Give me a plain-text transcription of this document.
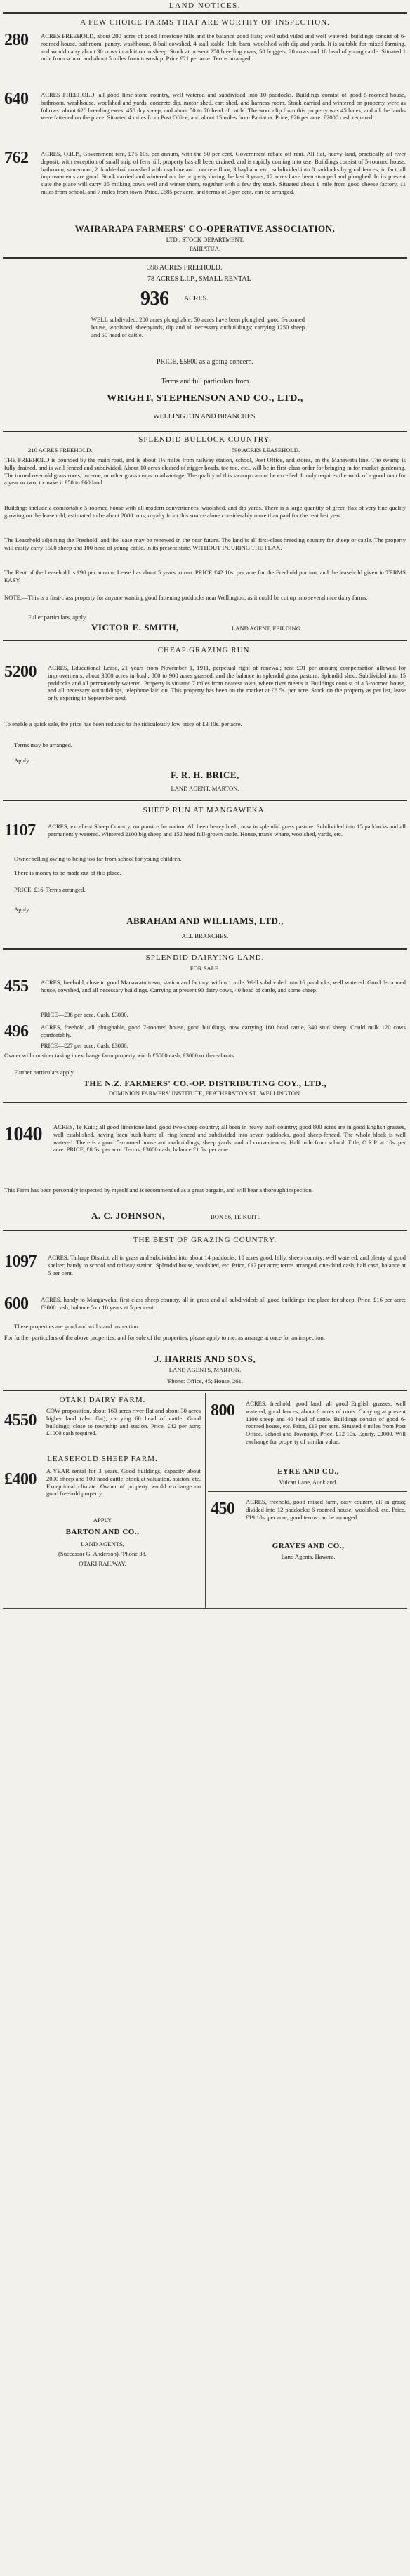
LAND NOTICES.
A FEW CHOICE FARMS THAT ARE WORTHY OF INSPECTION.
280 ACRES FREEHOLD, about 200 acres of good limestone hills and the balance good flats; well subdivided and well watered; buildings consist of 6-roomed house, bathroom, pantry, washhouse, 8-bail cowshed, 4-stall stable, loft, barn, woolshed with dip and yards. It is suitable for mixed farming, and would carry about 30 cows in addition to sheep. Stock at present 250 breeding ewes, 50 hoggets, 20 cows and 10 head of young cattle. Situated 1 mile from school and about 5 miles from township. Price £21 per acre. Terms arranged.

640 ACRES FREEHOLD, all good lime-stone country, well watered and subdivided into 10 paddocks. Buildings consist of good 5-roomed house, bathroom, washhouse, woolshed and yards, concrete dip, motor shed, cart shed, and harness room. Stock carried and wintered on property were as follows: about 620 breeding ewes, 450 dry sheep, and about 50 to 70 head of cattle. The wool clip from this property was 45 bales, and all the lambs were fattened on the place. Situated 4 miles from Post Office, and about 15 miles from Pahiatua. Price, £26 per acre. £2000 cash required.

762 ACRES, O.R.P., Government rent, £76 10s. per annum, with the 50 per cent. Government rebate off rent. All flat, heavy land, practically all river deposit, with exception of small strip of fern hill; property has all been drained, and is rapidly coming into use. Buildings consist of 5-roomed house, bathroom, storeroom, 2 double-bail cowshed with machine and concrete floor, 3 haybarn, etc.; subdivided into 8 paddocks by good fences; in fact, all improvements are good. Stock carried and wintered on the property during the last 3 years, 12 acres have been stumped and ploughed. In its present state the place will carry 35 milking cows well and winter them, together with a few dry stock. Situated about 1 mile from good cheese factory, 11 miles from school, and 7 miles from town. Price, £685 per acre, and terms of 3 per cent. can be arranged.

WAIRARAPA FARMERS' CO-OPERATIVE ASSOCIATION,
LTD., STOCK DEPARTMENT,
PAHIATUA.
398 ACRES FREEHOLD.
78 ACRES L.I.P., SMALL RENTAL
936 ACRES.

WELL subdivided; 200 acres ploughable; 50 acres have been ploughed; good 6-roomed house, woolshed, sheepyards, dip and all necessary outbuildings; carrying 1250 sheep and 50 head of cattle.

PRICE, £5800 as a going concern.
Terms and full particulars from
WRIGHT, STEPHENSON AND CO., LTD.,
WELLINGTON AND BRANCHES.
SPLENDID BULLOCK COUNTRY.
210 ACRES FREEHOLD.	590 ACRES LEASEHOLD.

THE FREEHOLD is bounded by the main road, and is about 1½ miles from railway station, school, Post Office, and stores, on the Manawatu line. The swamp is fully drained, and is well fenced and subdivided. About 10 acres cleared of nigger heads, toe toe, etc., will be in first-class order for bringing in for market gardening. The turned over old grass roots, lucerne, or other grass crops to advantage. The quality of this swamp cannot be excelled. It only requires the work of a good man for a year or two, to make it £50 to £60 land.

Buildings include a comfortable 5-roomed house with all modern conveniences, woolshed, and dip yards. There is a large quantity of green flax of very fine quality growing on the leasehold, estimated to be about 2000 tons; royalty from this source alone considerably more than paid for the rent last year.

The Leasehold adjoining the Freehold; and the lease may be renewed in the near future. The land is all first-class breeding country for sheep or cattle. The property will easily carry 1500 sheep and 100 head of young cattle, in its present state. WITHOUT INJURING THE FLAX.

The Rent of the Leasehold is £90 per annum. Lease has about 5 years to run. PRICE £42 10s. per acre for the Freehold portion, and the leasehold given in TERMS EASY.

NOTE.—This is a first-class property for anyone wanting good fattening paddocks near Wellington, as it could be cut up into several nice dairy farms.

Fuller particulars, apply
VICTOR E. SMITH,	LAND AGENT, FEILDING.
CHEAP GRAZING RUN.
5200 ACRES, Educational Lease, 21 years from November 1, 1911, perpetual right of renewal; rent £91 per annum; compensation allowed for improvements; about 3000 acres in bush, 800 to 900 acres grassed, and the balance in splendid grass pasture. Splendid shed. Subdivided into 15 paddocks and all permanently watered. Property is situated 7 miles from nearest town, where river meet's it. Buildings consist of a 5-roomed house, and all necessary outbuildings, telephone laid on. This property has been on the market at £6 5s. per acre. Stock on the property as per list, lease only expiring in September next.

To enable a quick sale, the price has been reduced to the ridiculously low price of £3 10s. per acre.

Terms may be arranged.
Apply
F. R. H. BRICE,
LAND AGENT, MARTON.
SHEEP RUN AT MANGAWEKA.
1107 ACRES, excellent Sheep Country, on pumice formation. All been heavy bush, now in splendid grass pasture. Subdivided into 15 paddocks and all permanently watered. Wintered 2100 big sheep and 152 head full-grown cattle. House, man's whare, woolshed, yards, etc.

Owner selling owing to being too far from school for young children.

There is money to be made out of this place.

PRICE, £16. Terms arranged.
Apply
ABRAHAM AND WILLIAMS, LTD.,
ALL BRANCHES.
SPLENDID DAIRYING LAND.
FOR SALE.
455 ACRES, freehold, close to good Manawatu town, station and factory, within 1 mile. Well subdivided into 16 paddocks, well watered. Good 8-roomed house, cowshed, and all necessary buildings. Carrying at present 90 dairy cows, 40 head of cattle, and some sheep.

PRICE—£36 per acre. Cash, £3000.
496 ACRES, freehold, all ploughable, good 7-roomed house, good buildings, now carrying 160 head cattle, 340 stud sheep. Could milk 120 cows comfortably.

PRICE—£27 per acre. Cash, £3000.

Owner will consider taking in exchange farm property worth £5000 cash, £3000 or thereabouts.

Further particulars apply
THE N.Z. FARMERS' CO.-OP. DISTRIBUTING COY., LTD.,
DOMINION FARMERS' INSTITUTE, FEATHERSTON ST., WELLINGTON.
1040 ACRES, Te Kuiti; all good limestone land, good two-sheep country; all been in heavy bush country; good 800 acres are in good English grasses, well established, having been bush-burn; all ring-fenced and subdivided into seven paddocks, good sheep-fenced. The whole block is well watered. There is a good 5-roomed house and outbuildings, sheep yards, and all conveniences. Half mile from school. Title, O.R.P. at 10s. per acre. PRICE, £8 5s. per acre. Terms, £3000 cash, balance £1 5s. per acre.

This Farm has been personally inspected by myself and is recommended as a great bargain, and will bear a thorough inspection.

A. C. JOHNSON,	BOX 56, TE KUITI.
THE BEST OF GRAZING COUNTRY.
1097 ACRES, Taihape District, all in grass and subdivided into about 14 paddocks; 10 acres good, hilly, sheep country; well watered, and plenty of good shelter; handy to school and railway station. Splendid house, woolshed, etc. Price, £12 per acre; terms arranged, one-third cash, half cash, balance at 5 per cent.

600 ACRES, handy to Mangaweka, first-class sheep country, all in grass and all subdivided; all good buildings; the place for sheep. Price, £16 per acre; £3000 cash, balance 5 or 10 years at 5 per cent.

These properties are good and will stand inspection.

For further particulars of the above properties, and for sole of the properties, please apply to me, as arrange at once for an inspection.

J. HARRIS AND SONS,
LAND AGENTS, MARTON.
'Phone: Office, 45; House, 261.
OTAKI DAIRY FARM.
4550

COW proposition, about 160 acres river flat and about 30 acres higher land (also flat); carrying 60 head of cattle. Good buildings; close to township and station. Price, £42 per acre; £1000 cash required.

LEASEHOLD SHEEP FARM.
£400 A YEAR rental for 3 years. Good buildings, capacity about 2000 sheep and 100 head cattle; stock at valuation, station, etc. Exceptional climate. Owner of property would exchange on good freehold property.

APPLY
BARTON AND CO.,
LAND AGENTS,
(Successor G. Anderson). 'Phone 38.
OTAKI RAILWAY.
800 ACRES, freehold, good land, all good English grasses, well watered, good fences, about 6 acres of roots. Carrying at present 1100 sheep and 40 head of cattle. Buildings consist of good 6-roomed house, etc. Price, £13 per acre. Situated 4 miles from Post Office, School and Township. Price, £12 10s. Equity, £3000. Will exchange for property of similar value.

EYRE AND CO.,
Vulcan Lane, Auckland.
450 ACRES, freehold, good mixed farm, easy country, all in grass; divided into 12 paddocks; 6-roomed house, woolshed, etc. Price, £19 10s. per acre; good terms can be arranged.

GRAVES AND CO.,
Land Agents, Hawera.
